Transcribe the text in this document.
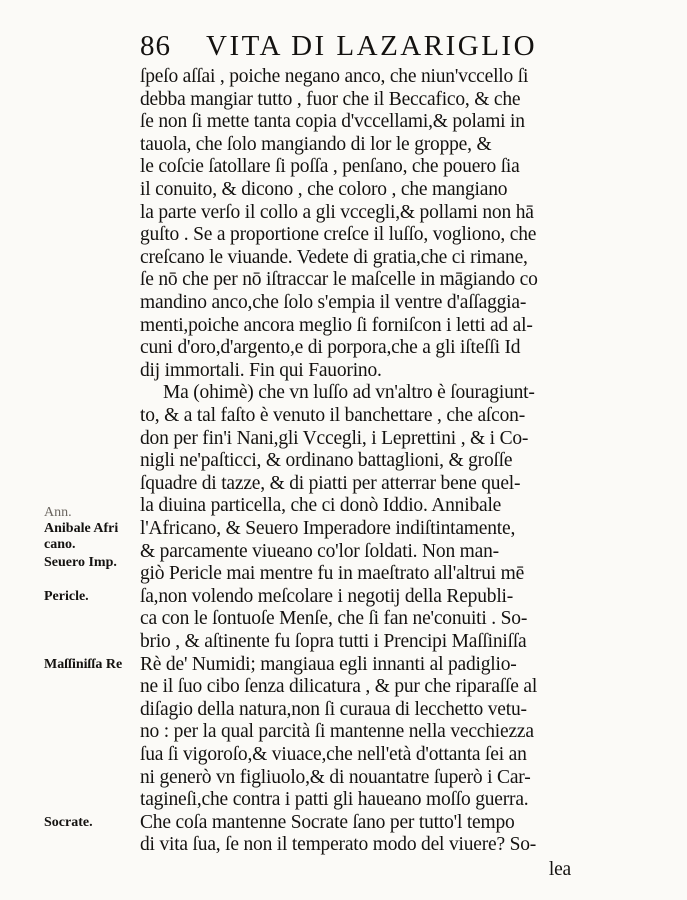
86 VITA DI LAZARIGLIO
Ann.
Anibale Afri
cano.
Seuero Imp.
Pericle.
Maſſiniſſa Re
Socrate.
ſpeſo aſſai , poiche negano anco, che niun'vccello ſi
debba mangiar tutto , fuor che il Beccafico, & che
ſe non ſi mette tanta copia d'vccellami,& polami in
tauola, che ſolo mangiando di lor le groppe, &
le coſcie ſatollare ſi poſſa , penſano, che pouero ſia
il conuito, & dicono , che coloro , che mangiano
la parte verſo il collo a gli vccegli,& pollami non hā
guſto . Se a proportione creſce il luſſo, vogliono, che
creſcano le viuande. Vedete di gratia,che ci rimane,
ſe nō che per nō iſtraccar le maſcelle in māgiando co
mandino anco,che ſolo s'empia il ventre d'aſſaggia-
menti,poiche ancora meglio ſi forniſcon i letti ad al-
cuni d'oro,d'argento,e di porpora,che a gli iſteſſi Id
dij immortali. Fin qui Fauorino.
Ma (ohimè) che vn luſſo ad vn'altro è ſouragiunt-
to, & a tal faſto è venuto il banchettare , che aſcon-
don per fin'i Nani,gli Vccegli, i Leprettini , & i Co-
nigli ne'paſticci, & ordinano battaglioni, & groſſe
ſquadre di tazze, & di piatti per atterrar bene quel-
la diuina particella, che ci donò Iddio. Annibale
l'Africano, & Seuero Imperadore indiſtintamente,
& parcamente viueano co'lor ſoldati. Non man-
giò Pericle mai mentre fu in maeſtrato all'altrui mē
ſa,non volendo meſcolare i negotij della Republi-
ca con le ſontuoſe Menſe, che ſi fan ne'conuiti . So-
brio , & aſtinente fu ſopra tutti i Prencipi Maſſiniſſa
Rè de' Numidi; mangiaua egli innanti al padiglio-
ne il ſuo cibo ſenza dilicatura , & pur che riparaſſe al
diſagio della natura,non ſi curaua di lecchetto vetu-
no : per la qual parcità ſi mantenne nella vecchiezza
ſua ſi vigoroſo,& viuace,che nell'età d'ottanta ſei an
ni generò vn figliuolo,& di nouantatre ſuperò i Car-
tagineſi,che contra i patti gli haueano moſſo guerra.
Che coſa mantenne Socrate ſano per tutto'l tempo
di vita ſua, ſe non il temperato modo del viuere? So-
lea
